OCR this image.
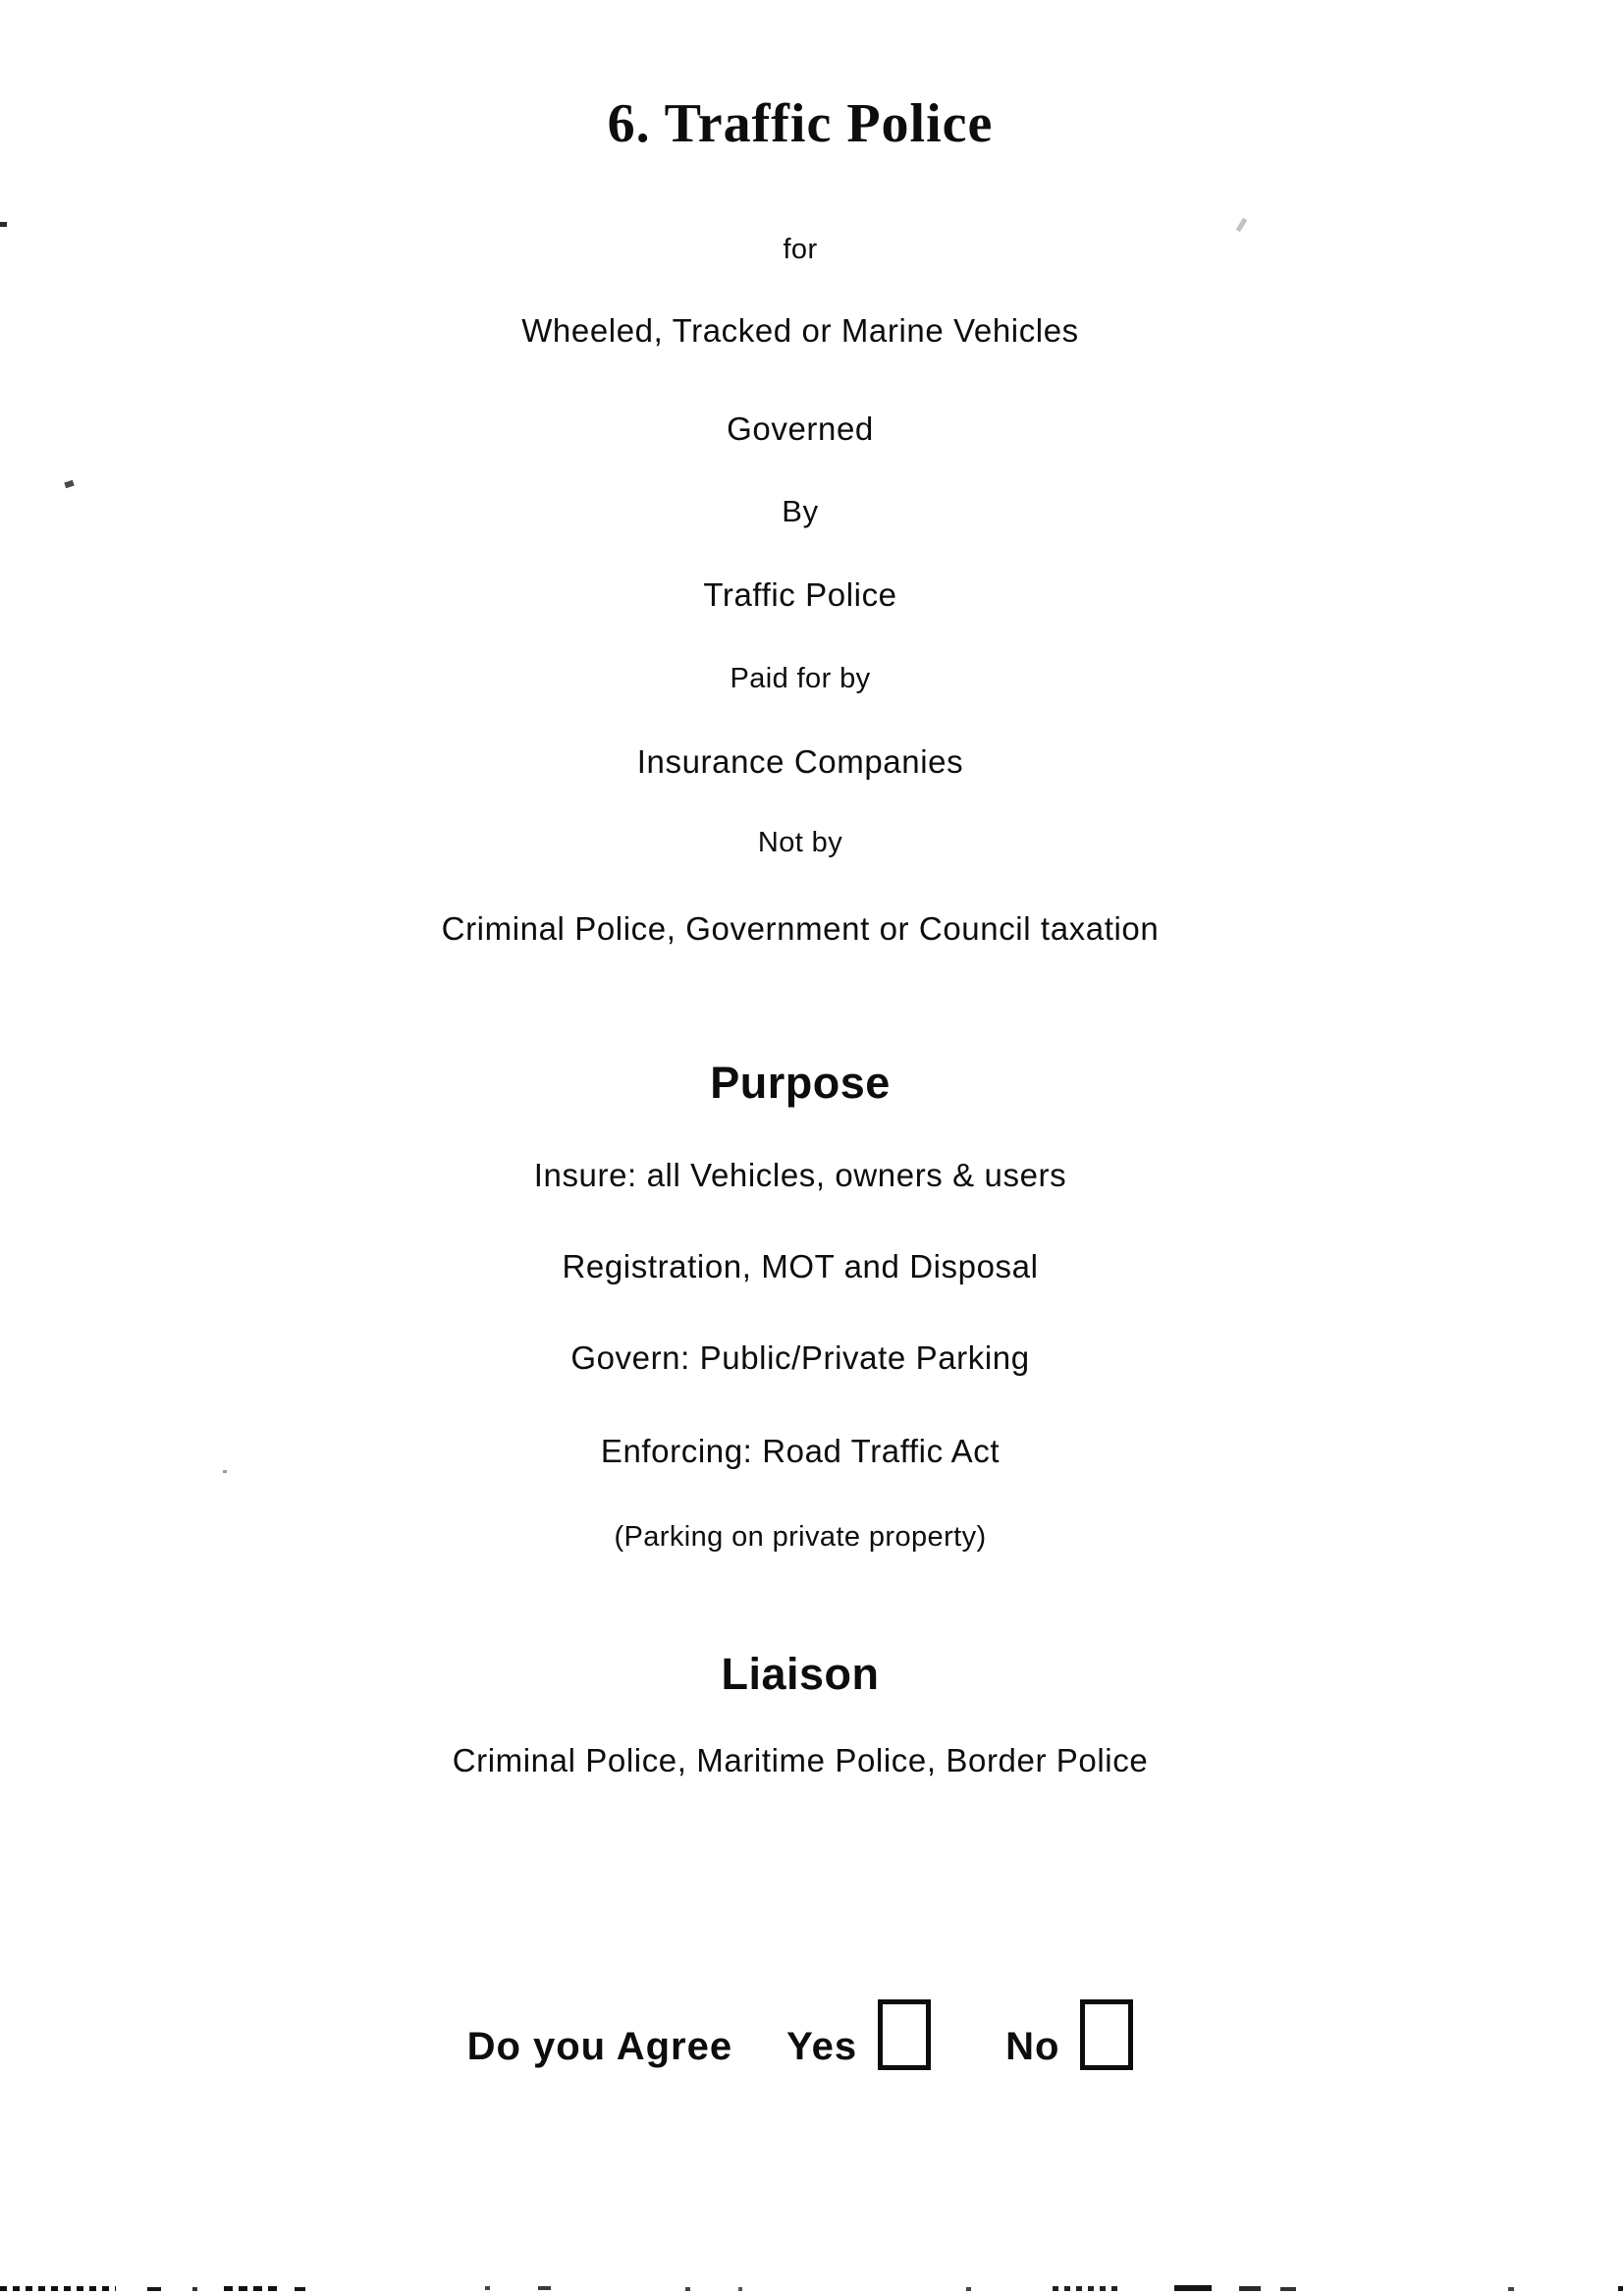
6. Traffic Police
for
Wheeled, Tracked or Marine Vehicles
Governed
By
Traffic Police
Paid for by
Insurance Companies
Not by
Criminal Police, Government or Council taxation
Purpose
Insure: all Vehicles, owners & users
Registration, MOT and Disposal
Govern: Public/Private Parking
Enforcing: Road Traffic Act
(Parking on private property)
Liaison
Criminal Police, Maritime Police, Border Police
Do you Agree Yes	No
